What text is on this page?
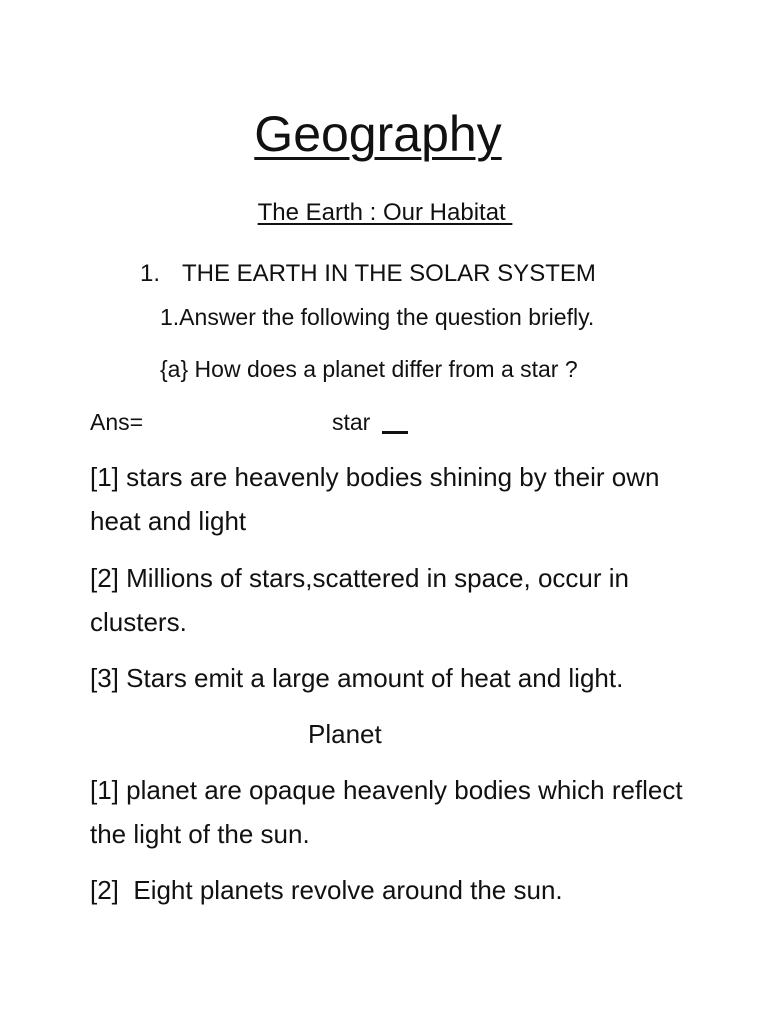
Geography
The Earth : Our Habitat
1. THE EARTH IN THE SOLAR SYSTEM
1.Answer the following the question briefly.
{a} How does a planet differ from a star ?
Ans=	star
[1] stars are heavenly bodies shining by their own heat and light
[2] Millions of stars,scattered in space, occur in clusters.
[3] Stars emit a large amount of heat and light.
Planet
[1] planet are opaque heavenly bodies which reflect the light of the sun.
[2]  Eight planets revolve around the sun.
